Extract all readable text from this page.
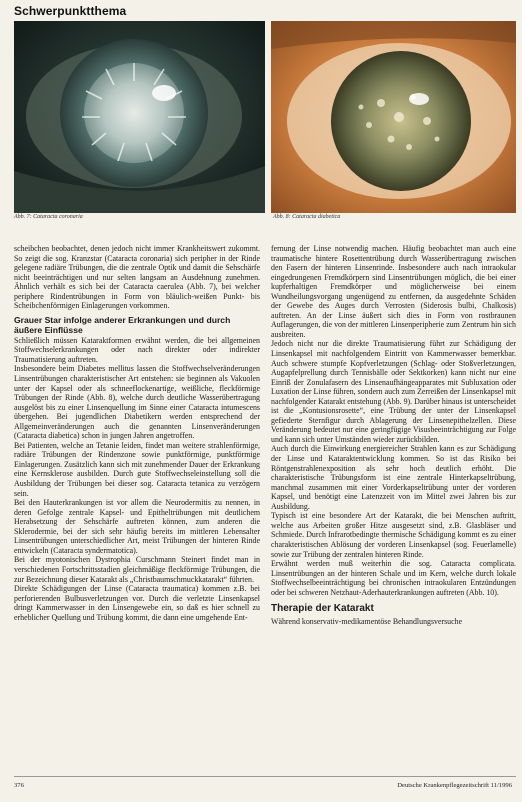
Schwerpunktthema
Abb. 7: Cataracta coronaria	Abb. 8: Cataracta diabetica

scheibchen beobachtet, denen jedoch nicht immer Krankheitswert zukommt. So zeigt die sog. Kranzstar (Cataracta coronaria) sich peripher in der Rinde gelegene radiäre Trübungen, die die zentrale Optik und damit die Sehschärfe nicht beeinträchtigen und nur selten langsam an Ausdehnung zunehmen. Ähnlich verhält es sich bei der Cataracta caerulea (Abb. 7), bei welcher periphere Rindentrübungen in Form von bläulich-weißen Punkt- bis Scheibchenförmigen Einlagerungen vorkommen.

Grauer Star infolge anderer Erkrankungen und durch äußere Einflüsse

Schließlich müssen Kataraktformen erwähnt werden, die bei allgemeinen Stoffwechselerkrankungen oder nach direkter oder indirekter Traumatisierung auftreten.

Insbesondere beim Diabetes mellitus lassen die Stoffwechselveränderungen Linsentrübungen charakteristischer Art entstehen: sie beginnen als Vakuolen unter der Kapsel oder als schneeflockenartige, weißliche, fleckförmige Trübungen der Rinde (Abb. 8), welche durch deutliche Wasserübertragung ausgelöst bis zu einer Linsenquellung im Sinne einer Cataracta intumescens übergehen. Bei jugendlichen Diabetikern werden entsprechend der Allgemeinveränderungen auch die genannten Linsenveränderungen (Cataracta diabetica) schon in jungen Jahren angetroffen.

Bei Patienten, welche an Tetanie leiden, findet man weitere strahlenförmige, radiäre Trübungen der Rindenzone sowie punktförmige, punktförmige Einlagerungen. Zusätzlich kann sich mit zunehmender Dauer der Erkrankung eine Kernsklerose ausbilden. Durch gute Stoffwechseleinstellung soll die Ausbildung der Trübungen bei dieser sog. Cataracta tetanica zu verzögern sein.

Bei den Hauterkrankungen ist vor allem die Neurodermitis zu nennen, in deren Gefolge zentrale Kapsel- und Epitheltrübungen mit deutlichem Herabsetzung der Sehschärfe auftreten können, zum anderen die Sklerodermie, bei der sich sehr häufig bereits im mittleren Lebensalter Linsentrübungen unterschiedlicher Art, meist Trübungen der hinteren Rinde entwickeln (Cataracta syndermatotica).

Bei der myotonischen Dystrophia Curschmann Steinert findet man in verschiedenen Fortschrittsstadien gleichmäßige fleckförmige Trübungen, die zur Bezeichnung dieser Katarakt als „Christbaumschmuckkatarakt“ führten.

Direkte Schädigungen der Linse (Cataracta traumatica) kommen z.B. bei perforierenden Bulbusverletzungen vor. Durch die verletzte Linsenkapsel dringt Kammerwasser in den Linsengewebe ein, so daß es hier schnell zu erheblicher Quellung und Trübung kommt, die dann eine umgehende Ent-

fernung der Linse notwendig machen. Häufig beobachtet man auch eine traumatische hintere Rosettentrübung durch Wasserübertragung zwischen den Fasern der hinteren Linsenrinde. Insbesondere auch nach intraokular eingedrungenen Fremdkörpern sind Linsentrübungen möglich, die bei einer kupferhaltigen Fremdkörper und möglicherweise bei einem Wundheilungsvorgang ungenügend zu entfernen, da ausgedehnte Schäden der Gewebe des Auges durch Verrosten (Siderosis bulbi, Chalkosis) auftreten. An der Linse äußert sich dies in Form von rostbraunen Auflagerungen, die von der mittleren Linsenperipherie zum Zentrum hin sich ausbreiten.

Jedoch nicht nur die direkte Traumatisierung führt zur Schädigung der Linsenkapsel mit nachfolgendem Eintritt von Kammerwasser bemerkbar. Auch schwere stumpfe Kopfverletzungen (Schlag- oder Stoßverletzungen, Augapfelprellung durch Tennisbälle oder Sektkorken) kann nicht nur eine Einriß der Zonulafasern des Linsenaufhängeapparates mit Subluxation oder Luxation der Linse führen, sondern auch zum Zerreißen der Linsenkapsel mit nachfolgender Katarakt entstehung (Abb. 9). Darüber hinaus ist unterscheidet ist die „Kontusionsrosette“, eine Trübung der unter der Linsenkapsel gefiederte Sternfigur durch Ablagerung der Linsenepithelzellen. Diese Veränderung bedeutet nur eine geringfügige Visusbeeinträchtigung zur Folge und kann sich unter Umständen wieder zurückbilden.

Auch durch die Einwirkung energiereicher Strahlen kann es zur Schädigung der Linse und Kataraktentwicklung kommen. So ist das Risiko bei Röntgenstrahlenexposition als sehr hoch deutlich erhöht. Die charakteristische Trübungsform ist eine zentrale Hinterkapseltrübung, manchmal zusammen mit einer Vorderkapseltrübung unter der vorderen Kapsel, und benötigt eine Latenzzeit von im Mittel zwei Jahren bis zur Ausbildung.

Typisch ist eine besondere Art der Katarakt, die bei Menschen auftritt, welche aus Arbeiten großer Hitze ausgesetzt sind, z.B. Glasbläser und Schmiede. Durch Infrarotbedingte thermische Schädigung kommt es zu einer charakteristischen Ablösung der vorderen Linsenkapsel (sog. Feuerlamelle) sowie zur Trübung der zentralen hinteren Rinde.

Erwähnt werden muß weiterhin die sog. Cataracta complicata. Linsentrübungen an der hinteren Schale und im Kern, welche durch lokale Stoffwechselbeeinträchtigung bei chronischen intraokularen Entzündungen oder bei schweren Netzhaut-Aderhauterkrankungen auftreten (Abb. 10).

Therapie der Katarakt

Während konservativ-medikamentöse Behandlungsversuche

376	Deutsche Krankenpflegezeitschrift 11/1996
